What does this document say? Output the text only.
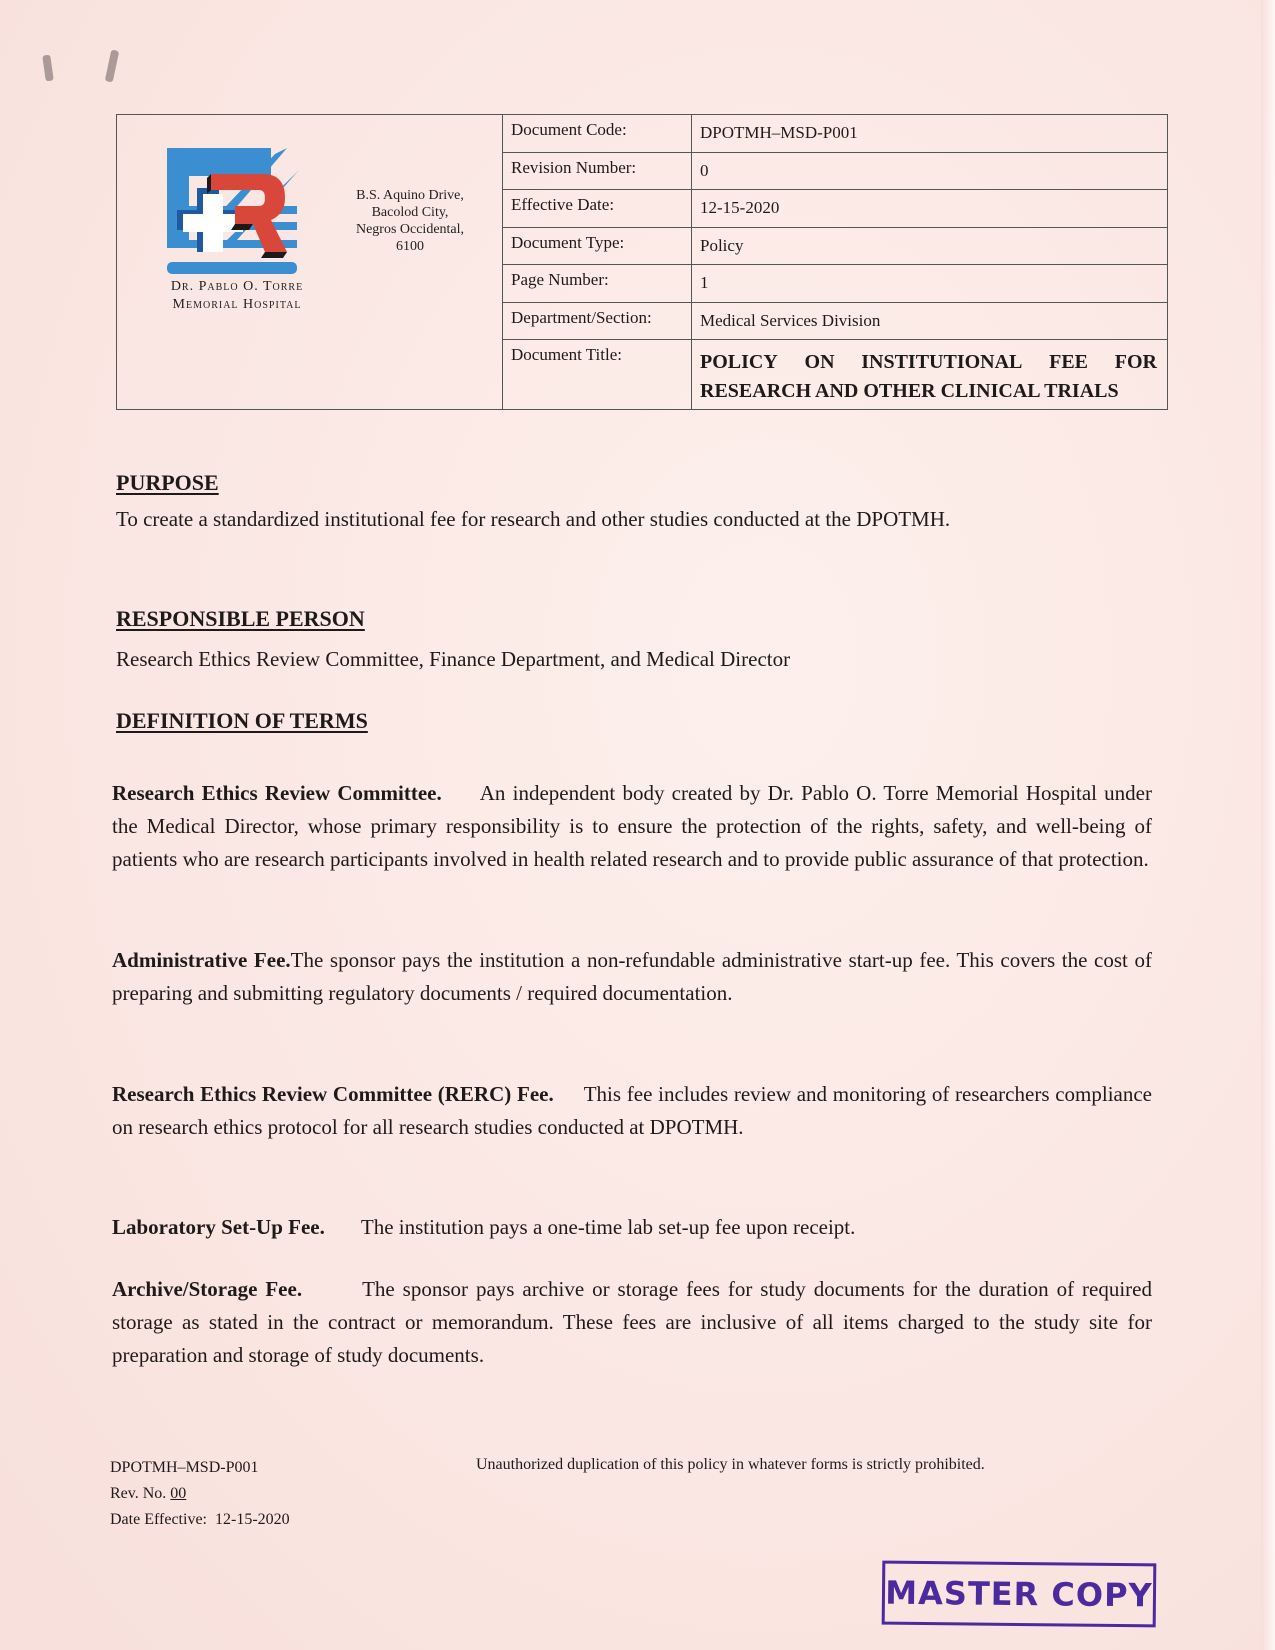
Dr. Pablo O. Torre
Memorial Hospital
B.S. Aquino Drive,
Bacolod City,
Negros Occidental,
6100
Document Code:	DPOTMH–MSD-P001
Revision Number:	0
Effective Date:	12-15-2020
Document Type:	Policy
Page Number:	1
Department/Section:	Medical Services Division
Document Title:	POLICY ON INSTITUTIONAL FEE FOR
RESEARCH AND OTHER CLINICAL TRIALS
PURPOSE
To create a standardized institutional fee for research and other studies conducted at the DPOTMH.
RESPONSIBLE PERSON
Research Ethics Review Committee, Finance Department, and Medical Director
DEFINITION OF TERMS
Research Ethics Review Committee. An independent body created by Dr. Pablo O. Torre Memorial Hospital under the Medical Director, whose primary responsibility is to ensure the protection of the rights, safety, and well-being of patients who are research participants involved in health related research and to provide public assurance of that protection.
Administrative Fee.The sponsor pays the institution a non-refundable administrative start-up fee. This covers the cost of preparing and submitting regulatory documents / required documentation.
Research Ethics Review Committee (RERC) Fee. This fee includes review and monitoring of researchers compliance on research ethics protocol for all research studies conducted at DPOTMH.
Laboratory Set-Up Fee. The institution pays a one-time lab set-up fee upon receipt.
Archive/Storage Fee.	The sponsor pays archive or storage fees for study documents for the duration of required storage as stated in the contract or memorandum. These fees are inclusive of all items charged to the study site for preparation and storage of study documents.
DPOTMH–MSD-P001
Rev. No. 00
Date Effective: 12-15-2020
Unauthorized duplication of this policy in whatever forms is strictly prohibited.
MASTER COPY
